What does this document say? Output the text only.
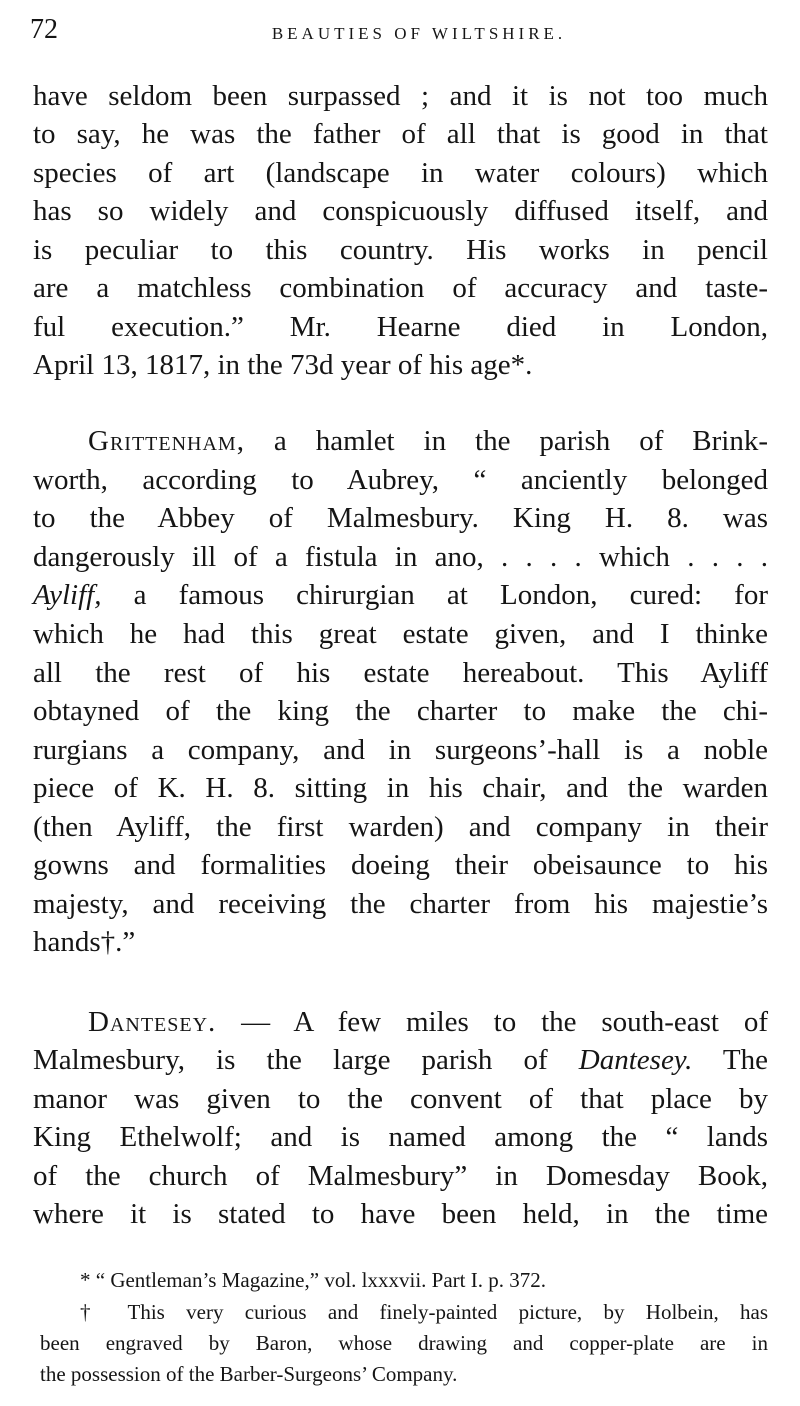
72	BEAUTIES OF WILTSHIRE.
have seldom been surpassed ; and it is not too much
to say, he was the father of all that is good in that
species of art (landscape in water colours) which
has so widely and conspicuously diffused itself, and
is peculiar to this country. His works in pencil
are a matchless combination of accuracy and taste-
ful execution.” Mr. Hearne died in London,
April 13, 1817, in the 73d year of his age*.
Grittenham, a hamlet in the parish of Brink-
worth, according to Aubrey, “ anciently belonged
to the Abbey of Malmesbury. King H. 8. was
dangerously ill of a fistula in ano, . . . . which . . . .
Ayliff, a famous chirurgian at London, cured: for
which he had this great estate given, and I thinke
all the rest of his estate hereabout. This Ayliff
obtayned of the king the charter to make the chi-
rurgians a company, and in surgeons’-hall is a noble
piece of K. H. 8. sitting in his chair, and the warden
(then Ayliff, the first warden) and company in their
gowns and formalities doeing their obeisaunce to his
majesty, and receiving the charter from his majestie’s
hands†.”
Dantesey. — A few miles to the south-east of
Malmesbury, is the large parish of Dantesey. The
manor was given to the convent of that place by
King Ethelwolf; and is named among the “ lands
of the church of Malmesbury” in Domesday Book,
where it is stated to have been held, in the time
* “ Gentleman’s Magazine,” vol. lxxxvii. Part I. p. 372.
† This very curious and finely-painted picture, by Holbein, has
been engraved by Baron, whose drawing and copper-plate are in
the possession of the Barber-Surgeons’ Company.
